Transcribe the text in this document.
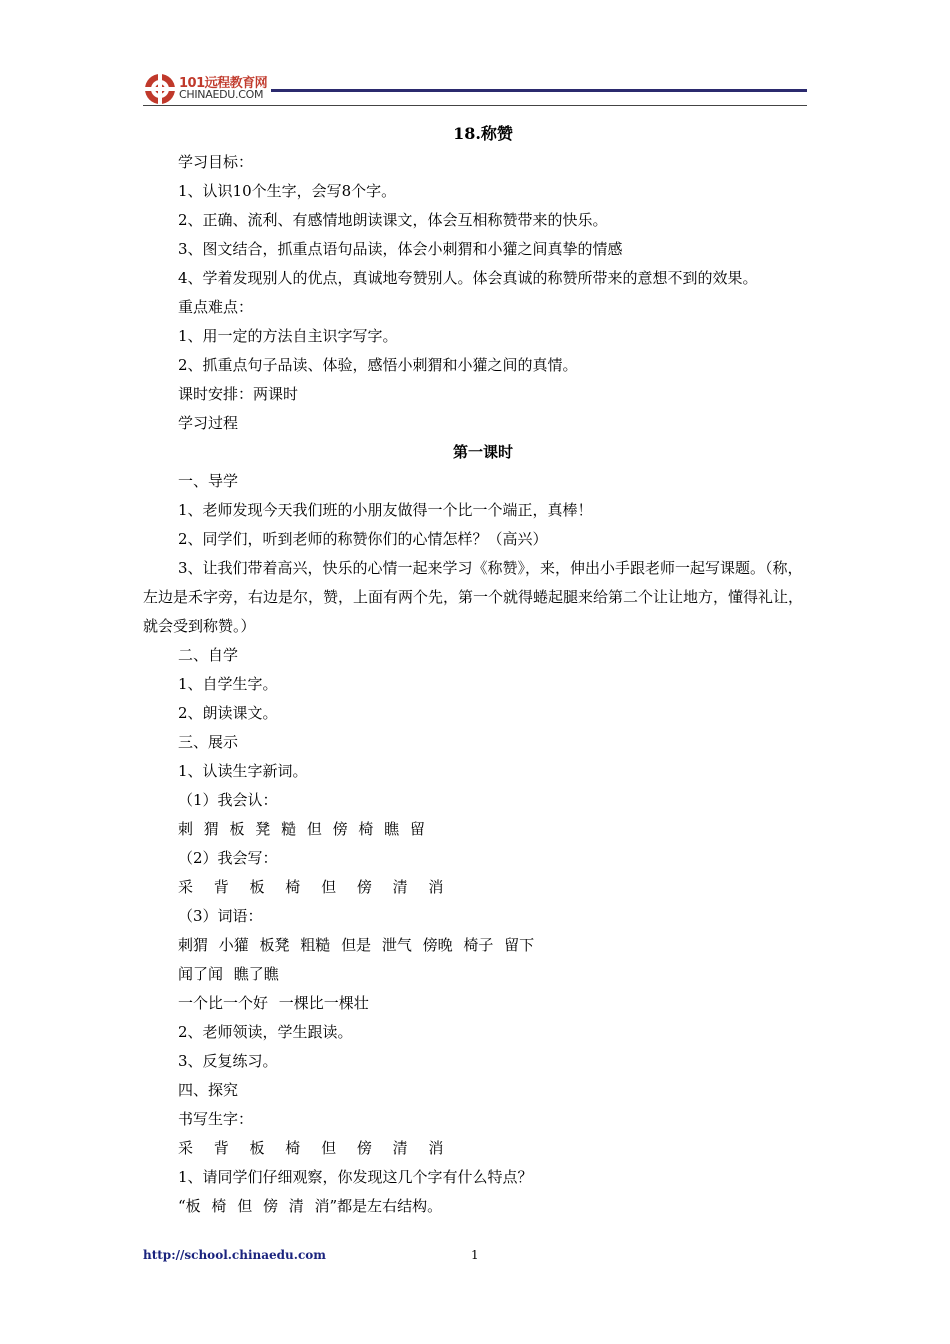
101远程教育网
CHINAEDU.COM
18.称赞
学习目标：
1、认识10个生字，会写8个字。
2、正确、流利、有感情地朗读课文，体会互相称赞带来的快乐。
3、图文结合，抓重点语句品读，体会小刺猬和小獾之间真挚的情感
4、学着发现别人的优点，真诚地夸赞别人。体会真诚的称赞所带来的意想不到的效果。
重点难点：
1、用一定的方法自主识字写字。
2、抓重点句子品读、体验，感悟小刺猬和小獾之间的真情。
课时安排：两课时
学习过程
第一课时
一、导学
1、老师发现今天我们班的小朋友做得一个比一个端正，真棒！
2、同学们，听到老师的称赞你们的心情怎样？（高兴）
3、让我们带着高兴，快乐的心情一起来学习《称赞》，来，伸出小手跟老师一起写课题。（称，左边是禾字旁，右边是尔，赞，上面有两个先，第一个就得蜷起腿来给第二个让让地方，懂得礼让，就会受到称赞。）
二、自学
1、自学生字。
2、朗读课文。
三、展示
1、认读生字新词。
（1）我会认：
刺 猬 板 凳 糙 但 傍 椅 瞧 留
（2）我会写：
采 背 板 椅 但 傍 清 消
（3）词语：
刺猬 小獾 板凳 粗糙 但是 泄气 傍晚 椅子 留下
闻了闻 瞧了瞧
一个比一个好 一棵比一棵壮
2、老师领读，学生跟读。
3、反复练习。
四、探究
书写生字：
采 背 板 椅 但 傍 清 消
1、请同学们仔细观察，你发现这几个字有什么特点？
“板 椅 但 傍 清 消”都是左右结构。
http://school.chinaedu.com	1
